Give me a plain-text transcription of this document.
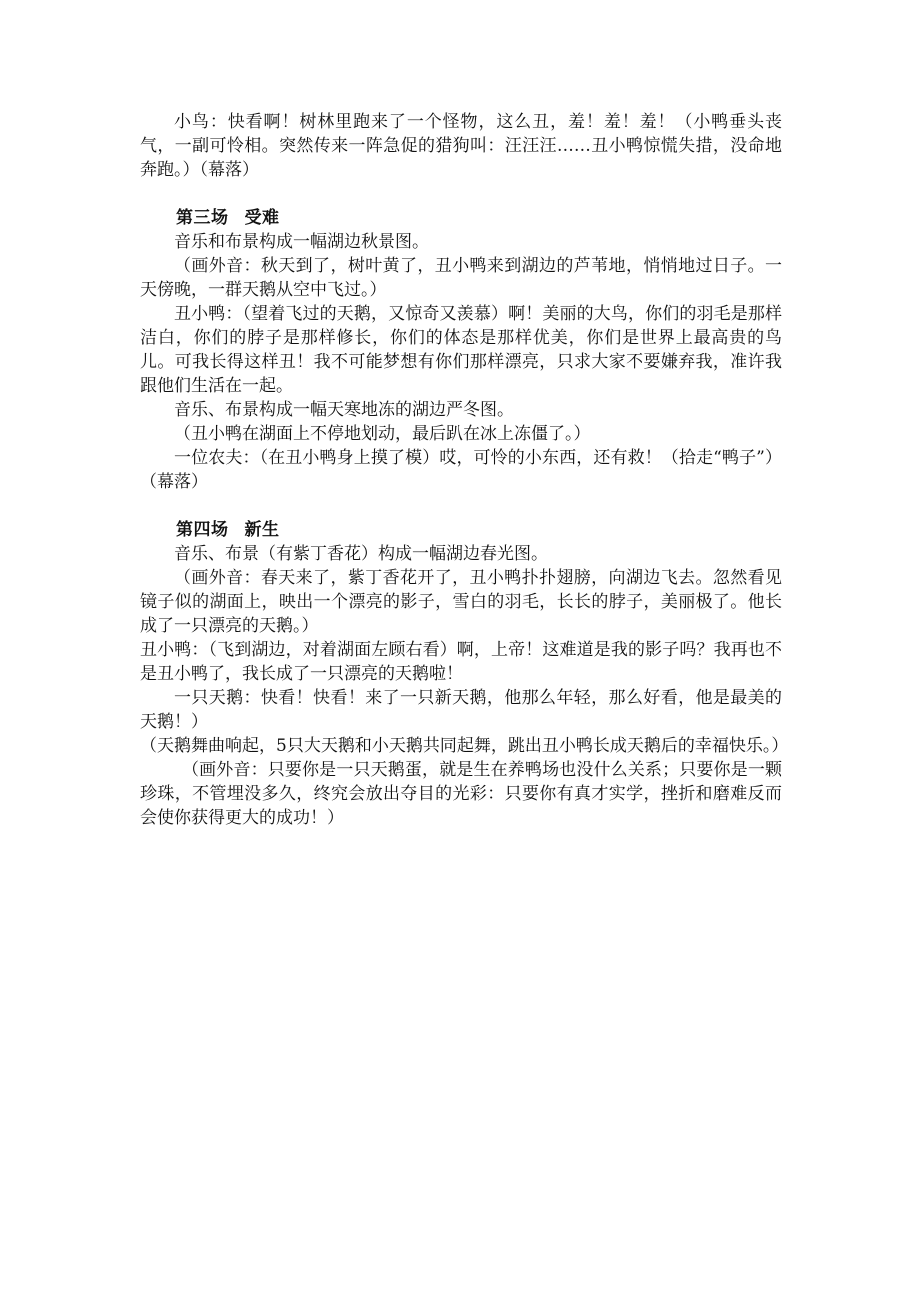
小鸟：快看啊！树林里跑来了一个怪物，这么丑，羞！羞！羞！（小鸭垂头丧气，一副可怜相。突然传来一阵急促的猎狗叫：汪汪汪……丑小鸭惊慌失措，没命地奔跑。）（幕落）

第三场 受难

音乐和布景构成一幅湖边秋景图。

（画外音：秋天到了，树叶黄了，丑小鸭来到湖边的芦苇地，悄悄地过日子。一天傍晚，一群天鹅从空中飞过。）

丑小鸭：（望着飞过的天鹅，又惊奇又羡慕）啊！美丽的大鸟，你们的羽毛是那样洁白，你们的脖子是那样修长，你们的体态是那样优美，你们是世界上最高贵的鸟儿。可我长得这样丑！我不可能梦想有你们那样漂亮，只求大家不要嫌弃我，准许我跟他们生活在一起。

音乐、布景构成一幅天寒地冻的湖边严冬图。

（丑小鸭在湖面上不停地划动，最后趴在冰上冻僵了。）

一位农夫：（在丑小鸭身上摸了模）哎，可怜的小东西，还有救！（拾走“鸭子”）（幕落）

第四场 新生

音乐、布景（有紫丁香花）构成一幅湖边春光图。

（画外音：春天来了，紫丁香花开了，丑小鸭扑扑翅膀，向湖边飞去。忽然看见镜子似的湖面上，映出一个漂亮的影子，雪白的羽毛，长长的脖子，美丽极了。他长成了一只漂亮的天鹅。）

丑小鸭：（飞到湖边，对着湖面左顾右看）啊，上帝！这难道是我的影子吗？我再也不是丑小鸭了，我长成了一只漂亮的天鹅啦！

一只天鹅：快看！快看！来了一只新天鹅，他那么年轻，那么好看，他是最美的天鹅！）

（天鹅舞曲响起，5只大天鹅和小天鹅共同起舞，跳出丑小鸭长成天鹅后的幸福快乐。）

（画外音：只要你是一只天鹅蛋，就是生在养鸭场也没什么关系；只要你是一颗珍珠，不管埋没多久，终究会放出夺目的光彩：只要你有真才实学，挫折和磨难反而会使你获得更大的成功！）
